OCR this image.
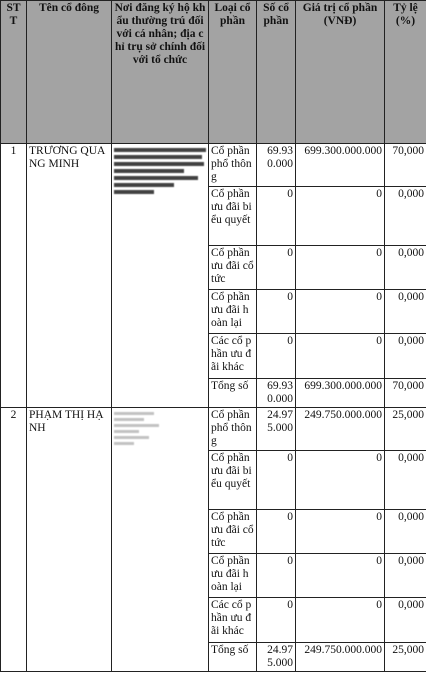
STT	Tên cổ đông	Nơi đăng ký hộ khẩu thường trú đối với cá nhân; địa chỉ trụ sở chính đối với tổ chức	Loại cổ phần	Số cổ phần	Giá trị cổ phần (VNĐ)	Tỷ lệ (%)
1	TRƯƠNG QUANG MINH		Cổ phần phổ thông	69.930.000	699.300.000.000	70,000
			Cổ phần ưu đãi biểu quyết	0	0	0,000
			Cổ phần ưu đãi cổ tức	0	0	0,000
			Cổ phần ưu đãi hoàn lại	0	0	0,000
			Các cổ phần ưu đãi khác	0	0	0,000
			Tổng số	69.930.000	699.300.000.000	70,000
2	PHẠM THỊ HẠNH		Cổ phần phổ thông	24.975.000	249.750.000.000	25,000
			Cổ phần ưu đãi biểu quyết	0	0	0,000
			Cổ phần ưu đãi cổ tức	0	0	0,000
			Cổ phần ưu đãi hoàn lại	0	0	0,000
			Các cổ phần ưu đãi khác	0	0	0,000
			Tổng số	24.975.000	249.750.000.000	25,000
